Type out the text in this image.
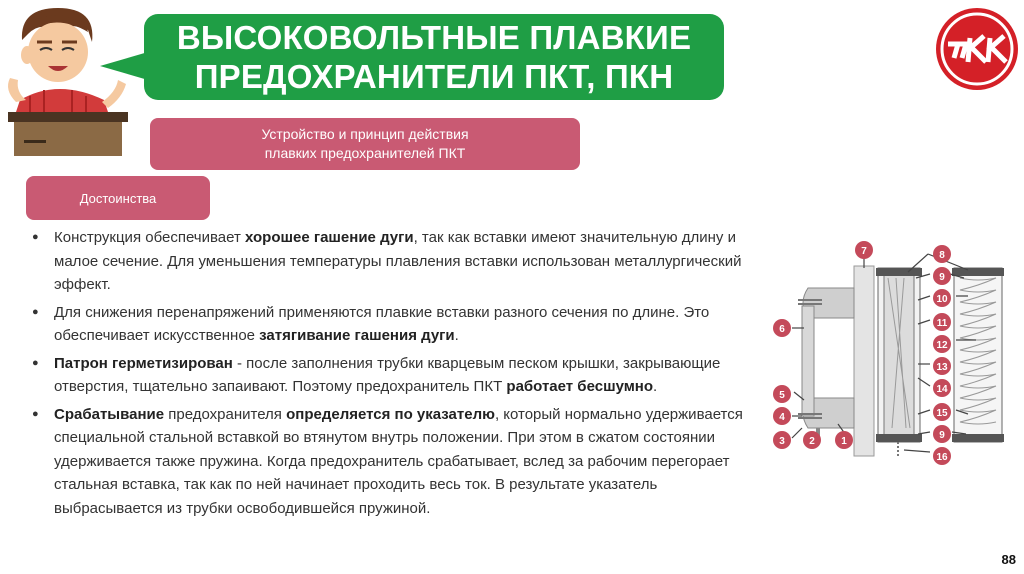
ВЫСОКОВОЛЬТНЫЕ ПЛАВКИЕ
ПРЕДОХРАНИТЕЛИ ПКТ, ПКН
Устройство и принцип действия
плавких предохранителей ПКТ
Достоинства
● Конструкция обеспечивает хорошее гашение дуги, так как вставки имеют значительную длину и малое сечение. Для уменьшения температуры плавления вставки использован металлургический эффект.
● Для снижения перенапряжений применяются плавкие вставки разного сечения по длине. Это обеспечивает искусственное затягивание гашения дуги.
● Патрон герметизирован - после заполнения трубки кварцевым песком крышки, закрывающие отверстия, тщательно запаивают. Поэтому предохранитель ПКТ работает бесшумно.
● Срабатывание предохранителя определяется по указателю, который нормально удерживается специальной стальной вставкой во втянутом внутрь положении. При этом в сжатом состоянии удерживается также пружина. Когда предохранитель срабатывает, вслед за рабочим перегорает стальная вставка, так как по ней начинает проходить весь ток. В результате указатель выбрасывается из трубки освободившейся пружиной.
7	8
9
10
11
12
13
14
15
9
16
6
5
4
3 2	1
88
